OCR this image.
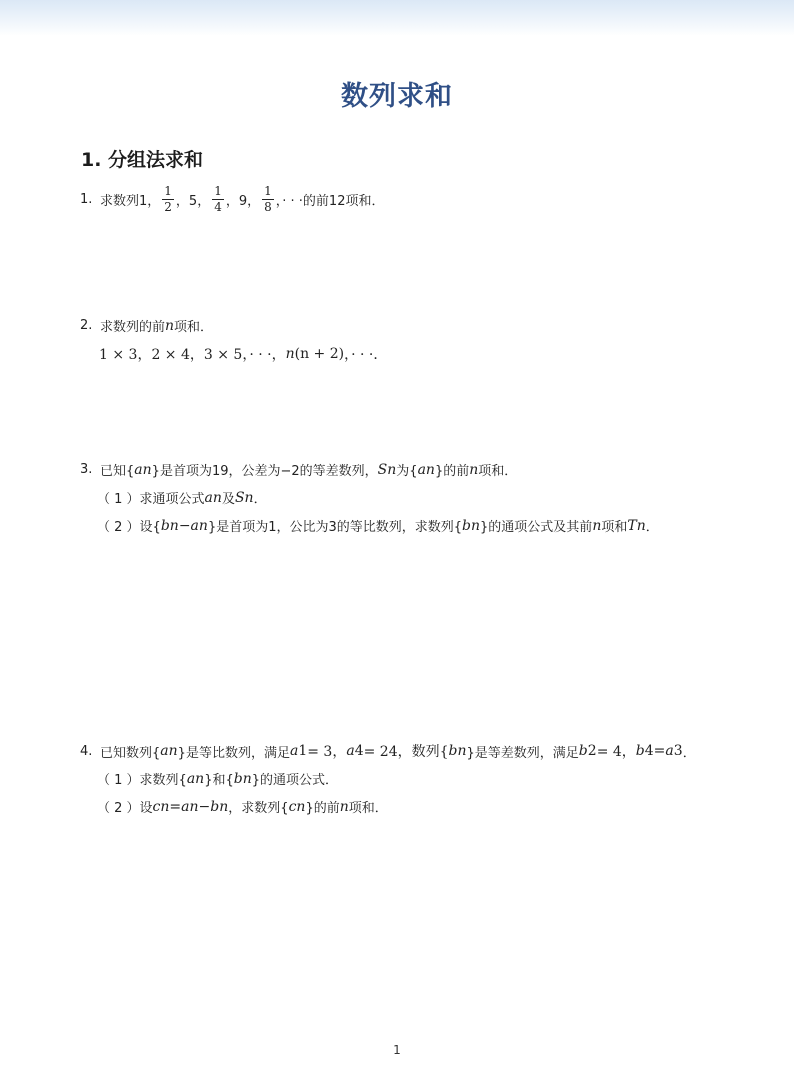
数列求和
1. 分组法求和
1. 求数列1， $\frac{1}{2}$ ，5， $\frac{1}{4}$ ，9， $\frac{1}{8}$ ，· · ·的前12项和．
2. 求数列的前 n 项和．
1 × 3，2 × 4，3 × 5，· · ·， n (n + 2) ，· · ·．
3. 已知{ a n }是首项为19，公差为−2的等差数列， S n 为{ a n }的前 n 项和．
（ 1 ）求通项公式 a n 及 S n ．
（ 2 ）设{ b n − a n }是首项为1，公比为3的等比数列，求数列{ b n }的通项公式及其前 n 项和 T n ．
4. 已知数列{ a n }是等比数列，满足 a 1 = 3， a 4 = 24，数列{ b n }是等差数列，满足 b 2 = 4， b 4 = a 3 ．
（ 1 ）求数列{ a n }和{ b n }的通项公式．
（ 2 ）设 c n = a n − b n ，求数列{ c n }的前 n 项和．
1
